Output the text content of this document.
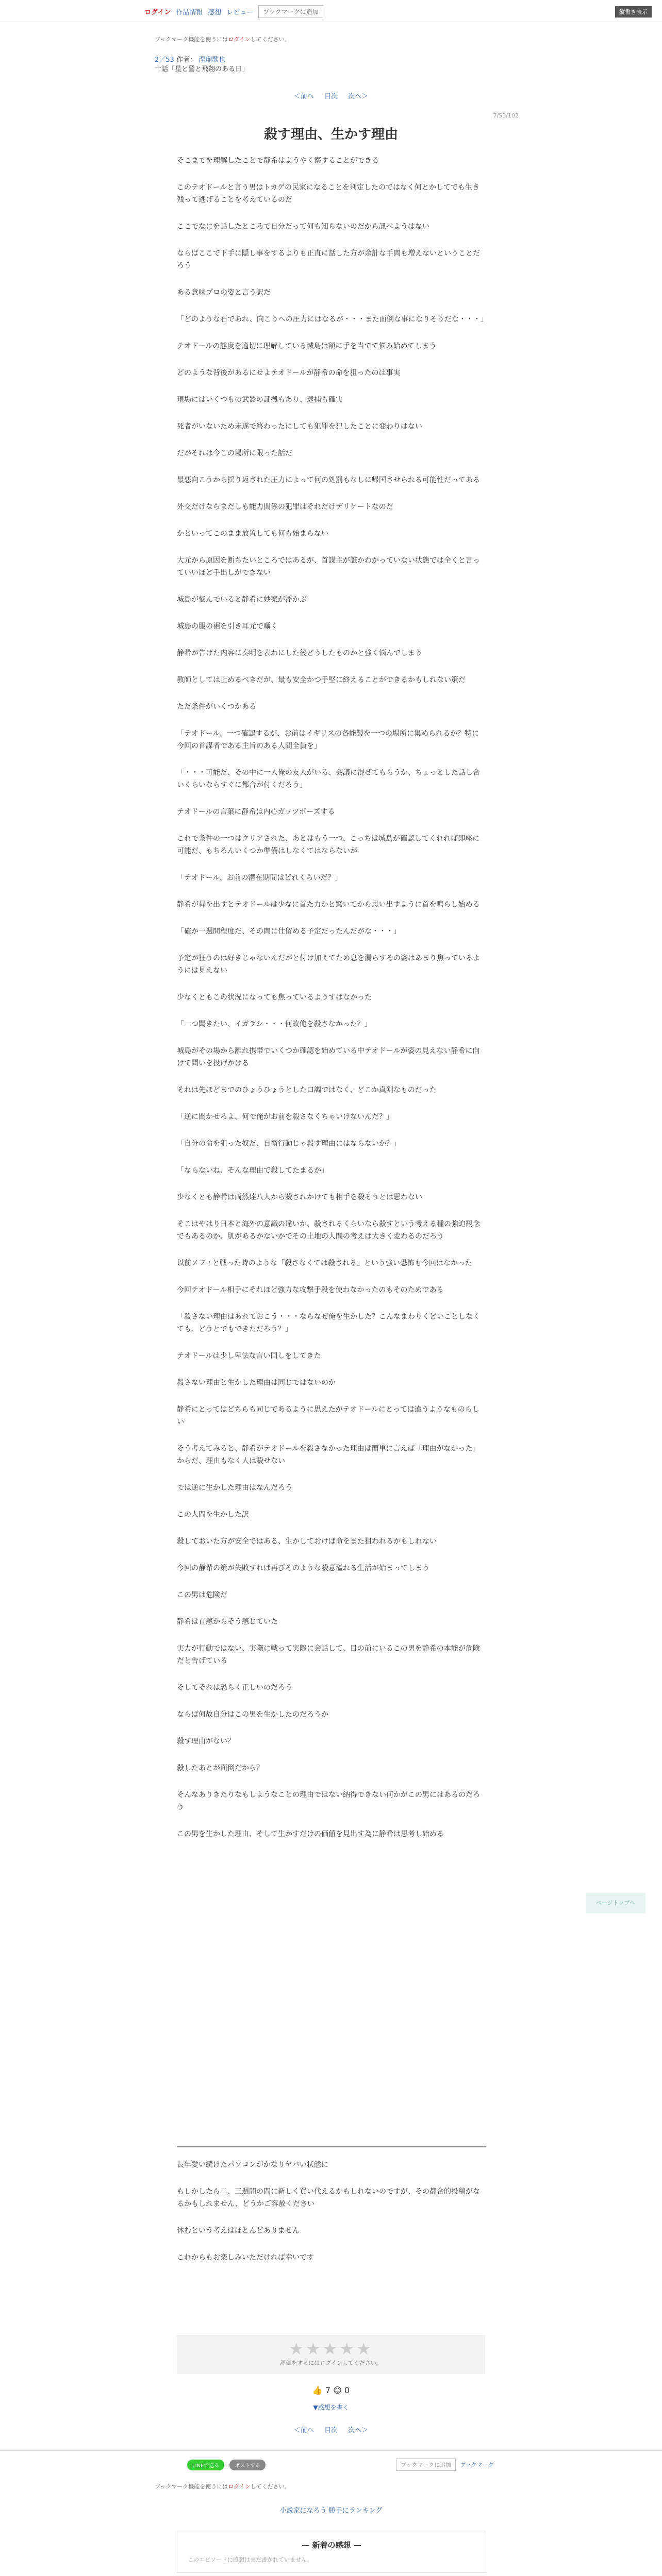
ログイン 作品情報 感想 レビュー	ブックマークに追加	縦書き表示
ブックマーク機能を使うにはログインしてください。
2／53 作者： 涅瑠歌也
十話「星と鷲と飛翔のある日」
＜前へ 目次 次へ＞
7/53/102
殺す理由、生かす理由

そこまでを理解したことで静希はようやく察することができる

このテオドールと言う男はトカゲの民家になることを判定したのではなく何とかしてでも生き残って逃げることを考えているのだ

ここでなにを話したところで自分だって何も知らないのだから訊べようはない

ならばここで下手に隠し事をするよりも正直に話した方が余計な手間も増えないということだろう

ある意味プロの姿と言う訳だ

「どのような石であれ、向こうへの圧力にはなるが・・・また面倒な事になりそうだな・・・」

テオドールの態度を適切に理解している城島は額に手を当てて悩み始めてしまう

どのような背後があるにせよテオドールが静希の命を狙ったのは事実

現場にはいくつもの武器の証拠もあり、逮捕も確実

死者がいないため未遂で終わったにしても犯罪を犯したことに変わりはない

だがそれは今この場所に限った話だ

最悪向こうから揺り返された圧力によって何の処罰もなしに帰国させられる可能性だってある

外交だけならまだしも能力関係の犯罪はそれだけデリケートなのだ

かといってこのまま放置しても何も始まらない

大元から原因を断ちたいところではあるが、首謀主が誰かわかっていない状態では全くと言っていいほど手出しができない

城島が悩んでいると静希に妙案が浮かぶ

城島の服の裾を引き耳元で囁く

静希が告げた内容に奏明を表わにした後どうしたものかと強く悩んでしまう

教師としては止めるべきだが、最も安全かつ手堅に終えることができるかもしれない策だ

ただ条件がいくつかある

「テオドール、一つ確認するが、お前はイギリスの各能製を一つの場所に集められるか？特に今回の首謀者である主旨のある人間全員を」

「・・・可能だ、その中に一人俺の友人がいる、会議に混ぜてもらうか、ちょっとした話し合いくらいならすぐに都合が付くだろう」

テオドールの言葉に静希は内心ガッツポーズする

これで条件の一つはクリアされた、あとはもう一つ、こっちは城島が確認してくれれば即座に可能だ、もちろんいくつか準備はしなくてはならないが

「テオドール、お前の潜在期間はどれくらいだ？」

静希が昇を出すとテオドールは少なに首た力かと驚いてから思い出すように首を鳴らし始める

「確か一週間程度だ、その間に仕留める予定だったんだがな・・・」

予定が狂うのは好きじゃないんだがと付け加えてため息を漏らすその姿はあまり焦っているようには見えない

少なくともこの状況になっても焦っているようすはなかった

「一つ聞きたい、イガラシ・・・何故俺を殺さなかった？」

城島がその場から離れ携帯でいくつか確認を始めている中テオドールが姿の見えない静希に向けて問いを投げかける

それは先ほどまでのひょうひょうとした口調ではなく、どこか真剣なものだった

「逆に聞かせろよ、何で俺がお前を殺さなくちゃいけないんだ？」

「自分の命を狙った奴だ、自衛行動じゃ殺す理由にはならないか？」

「ならないね、そんな理由で殺してたまるか」

少なくとも静希は両然達八人から殺されかけても相手を殺そうとは思わない

そこはやはり日本と海外の意識の違いか、殺されるくらいなら殺すという考える種の強迫観念でもあるのか、肌があるかないかでその土地の人間の考えは大きく変わるのだろう

以前メフィと戦った時のような「殺さなくては殺される」という強い恐怖も今回はなかった

今回テオドール相手にそれほど強力な攻撃手段を使わなかったのもそのためである

「殺さない理由はあれておこう・・・ならなぜ俺を生かした？こんなまわりくどいことしなくても、どうとでもできただろう？」

テオドールは少し卑怯な言い回しをしてきた

殺さない理由と生かした理由は同じではないのか

静希にとってはどちらも同じであるように思えたがテオドールにとっては違うようなものらしい

そう考えてみると、静希がテオドールを殺さなかった理由は簡単に言えば「理由がなかった」からだ、理由もなく人は殺せない

では逆に生かした理由はなんだろう

この人間を生かした訳

殺しておいた方が安全ではある、生かしておけば命をまた狙われるかもしれない

今回の静希の策が失敗すれば再びそのような殺意溢れる生活が始まってしまう

この男は危険だ

静希は直感からそう感じていた

実力が行動ではない、実際に戦って実際に会話して、目の前にいるこの男を静希の本能が危険だと告げている

そしてそれは恐らく正しいのだろう

ならば何故自分はこの男を生かしたのだろうか

殺す理由がない？

殺したあとが面倒だから？

そんなありきたりなもしようなことの理由ではない納得できない何かがこの男にはあるのだろう

この男を生かした理由、そして生かすだけの価値を見出す為に静希は思考し始める

長年愛い続けたパソコンがかなりヤバい状態に

もしかしたら二、三週間の間に新しく買い代えるかもしれないのですが、その都合的投稿がなるかもしれません、どうかご容赦ください

休むという考えはほとんどありません

これからもお楽しみいただければ幸いです

★★★★★
評価をするにはログインしてください。
👍 7 😊 0
▼感想を書く
＜前へ 目次 次へ＞
LINEで送る	ポストする	ブックマークに追加	ブックマーク
ブックマーク機能を使うにはログインしてください。
小説家になろう 勝手にランキング
— 新着の感想 —
このエピソードに感想はまだ書かれていません。
ページトップへ
